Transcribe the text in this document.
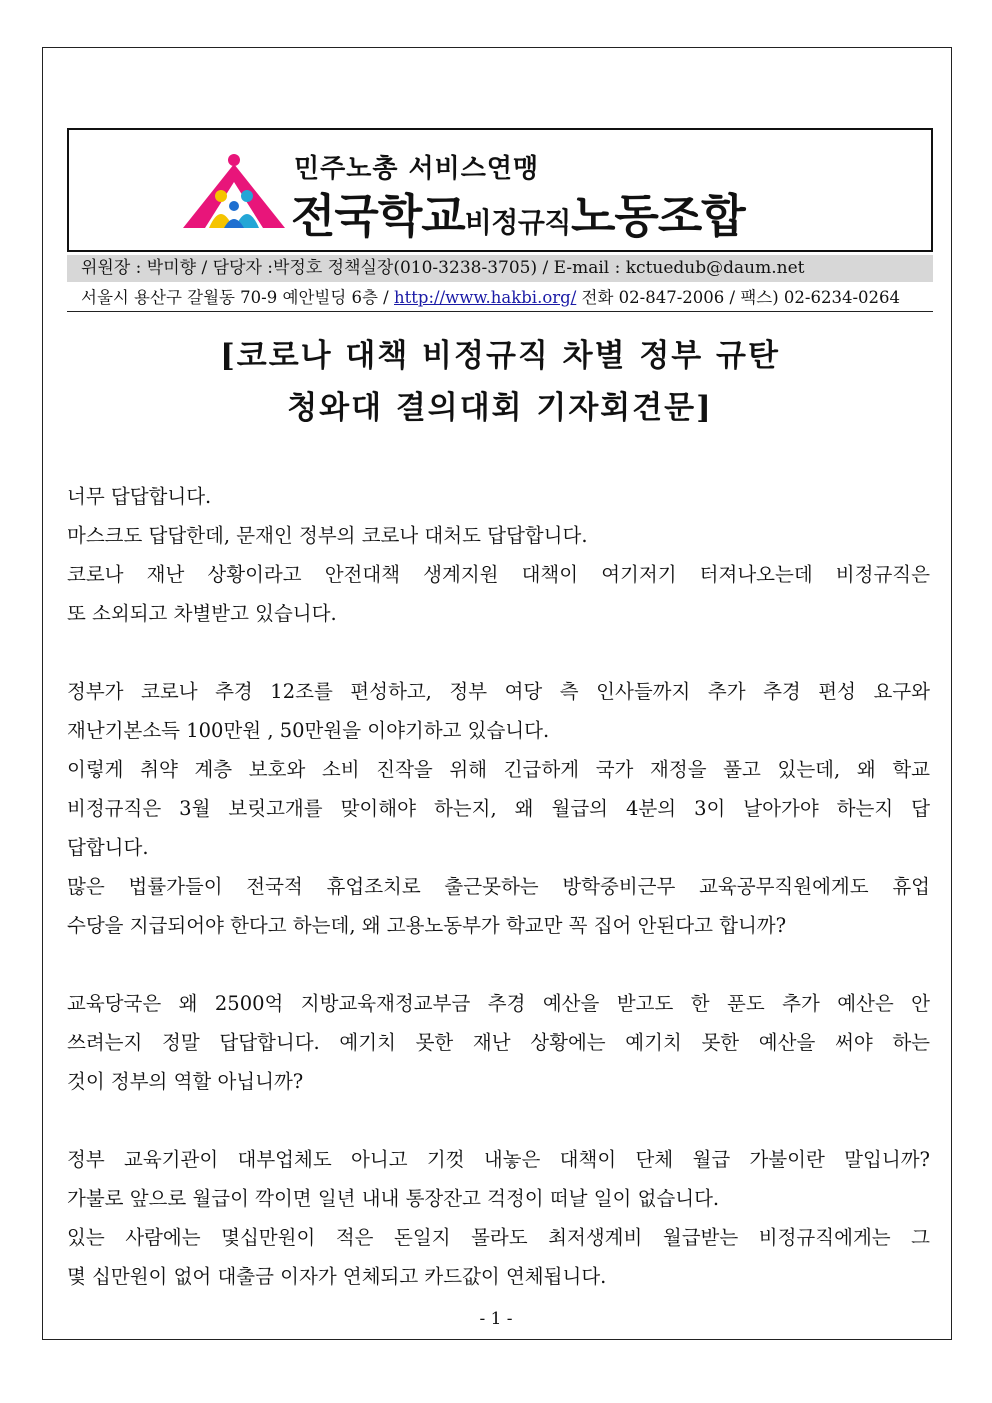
민주노총 서비스연맹
전국학교비정규직노동조합
위원장 : 박미향 / 담당자 :박정호 정책실장(010-3238-3705) / E-mail : kctuedub@daum.net
서울시 용산구 갈월동 70-9 예안빌딩 6층 / http://www.hakbi.org/ 전화 02-847-2006 / 팩스) 02-6234-0264
[코로나 대책 비정규직 차별 정부 규탄
청와대 결의대회 기자회견문]

너무 답답합니다.

마스크도 답답한데, 문재인 정부의 코로나 대처도 답답합니다.

코로나 재난 상황이라고 안전대책 생계지원 대책이 여기저기 터져나오는데 비정규직은

또 소외되고 차별받고 있습니다.

정부가 코로나 추경 12조를 편성하고, 정부 여당 측 인사들까지 추가 추경 편성 요구와

재난기본소득 100만원 , 50만원을 이야기하고 있습니다.

이렇게 취약 계층 보호와 소비 진작을 위해 긴급하게 국가 재정을 풀고 있는데, 왜 학교

비정규직은 3월 보릿고개를 맞이해야 하는지, 왜 월급의 4분의 3이 날아가야 하는지 답

답합니다.

많은 법률가들이 전국적 휴업조치로 출근못하는 방학중비근무 교육공무직원에게도 휴업

수당을 지급되어야 한다고 하는데, 왜 고용노동부가 학교만 꼭 집어 안된다고 합니까?

교육당국은 왜 2500억 지방교육재정교부금 추경 예산을 받고도 한 푼도 추가 예산은 안

쓰려는지 정말 답답합니다. 예기치 못한 재난 상황에는 예기치 못한 예산을 써야 하는

것이 정부의 역할 아닙니까?

정부 교육기관이 대부업체도 아니고 기껏 내놓은 대책이 단체 월급 가불이란 말입니까?

가불로 앞으로 월급이 깍이면 일년 내내 통장잔고 걱정이 떠날 일이 없습니다.

있는 사람에는 몇십만원이 적은 돈일지 몰라도 최저생계비 월급받는 비정규직에게는 그

몇 십만원이 없어 대출금 이자가 연체되고 카드값이 연체됩니다.

- 1 -
